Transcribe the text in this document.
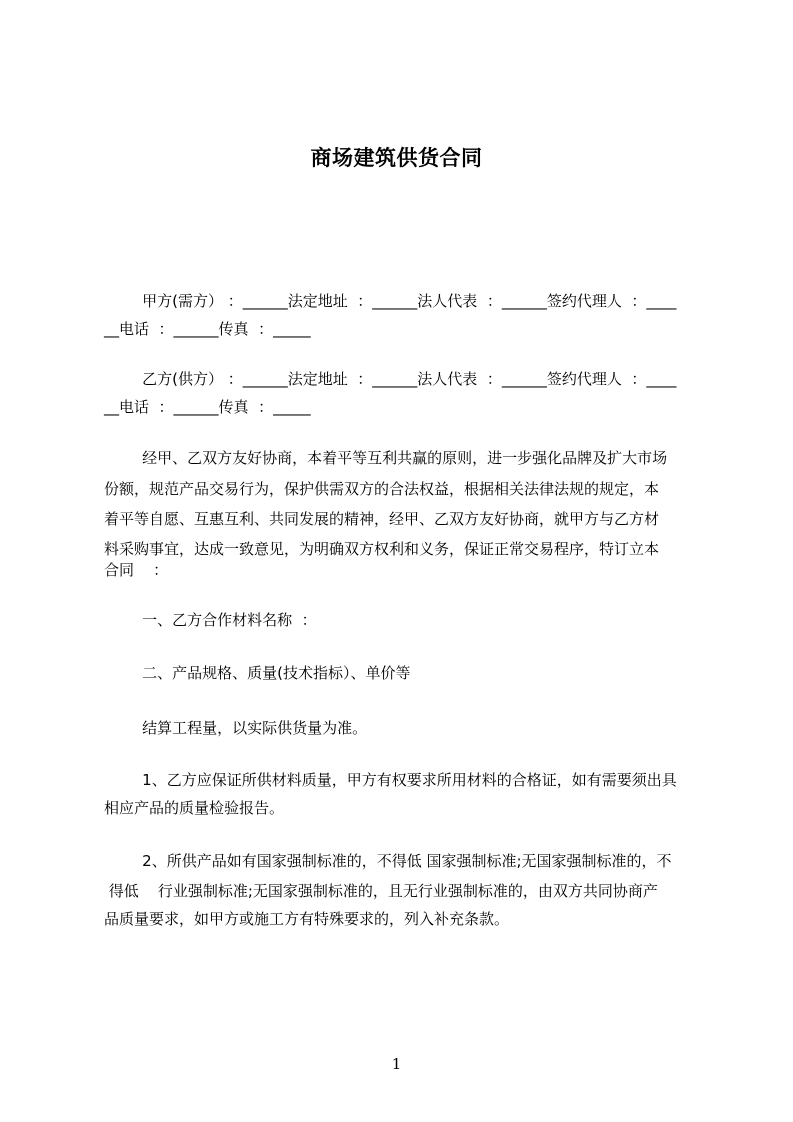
商场建筑供货合同
甲方(需方） ：______法定地址  ：______法人代表  ：______签约代理人  ：____
__电话  ：______传真  ：_____
乙方(供方） ：______法定地址  ：______法人代表  ：______签约代理人  ：____
__电话  ：______传真  ：_____
经甲、乙双方友好协商，本着平等互利共赢的原则，进一步强化品牌及扩大市场
份额，规范产品交易行为，保护供需双方的合法权益，根据相关法律法规的规定，本
着平等自愿、互惠互利、共同发展的精神，经甲、乙双方友好协商，就甲方与乙方材
料采购事宜，达成一致意见，为明确双方权利和义务，保证正常交易程序，特订立本
合同    ：
一、乙方合作材料名称  ：
二、产品规格、质量(技术指标）、单价等
结算工程量，以实际供货量为准。
1、乙方应保证所供材料质量，甲方有权要求所用材料的合格证，如有需要须出具
相应产品的质量检验报告。
2、所供产品如有国家强制标准的，不得低 国家强制标准;无国家强制标准的，不
得低    行业强制标准;无国家强制标准的，且无行业强制标准的，由双方共同协商产
品质量要求，如甲方或施工方有特殊要求的，列入补充条款。
1
